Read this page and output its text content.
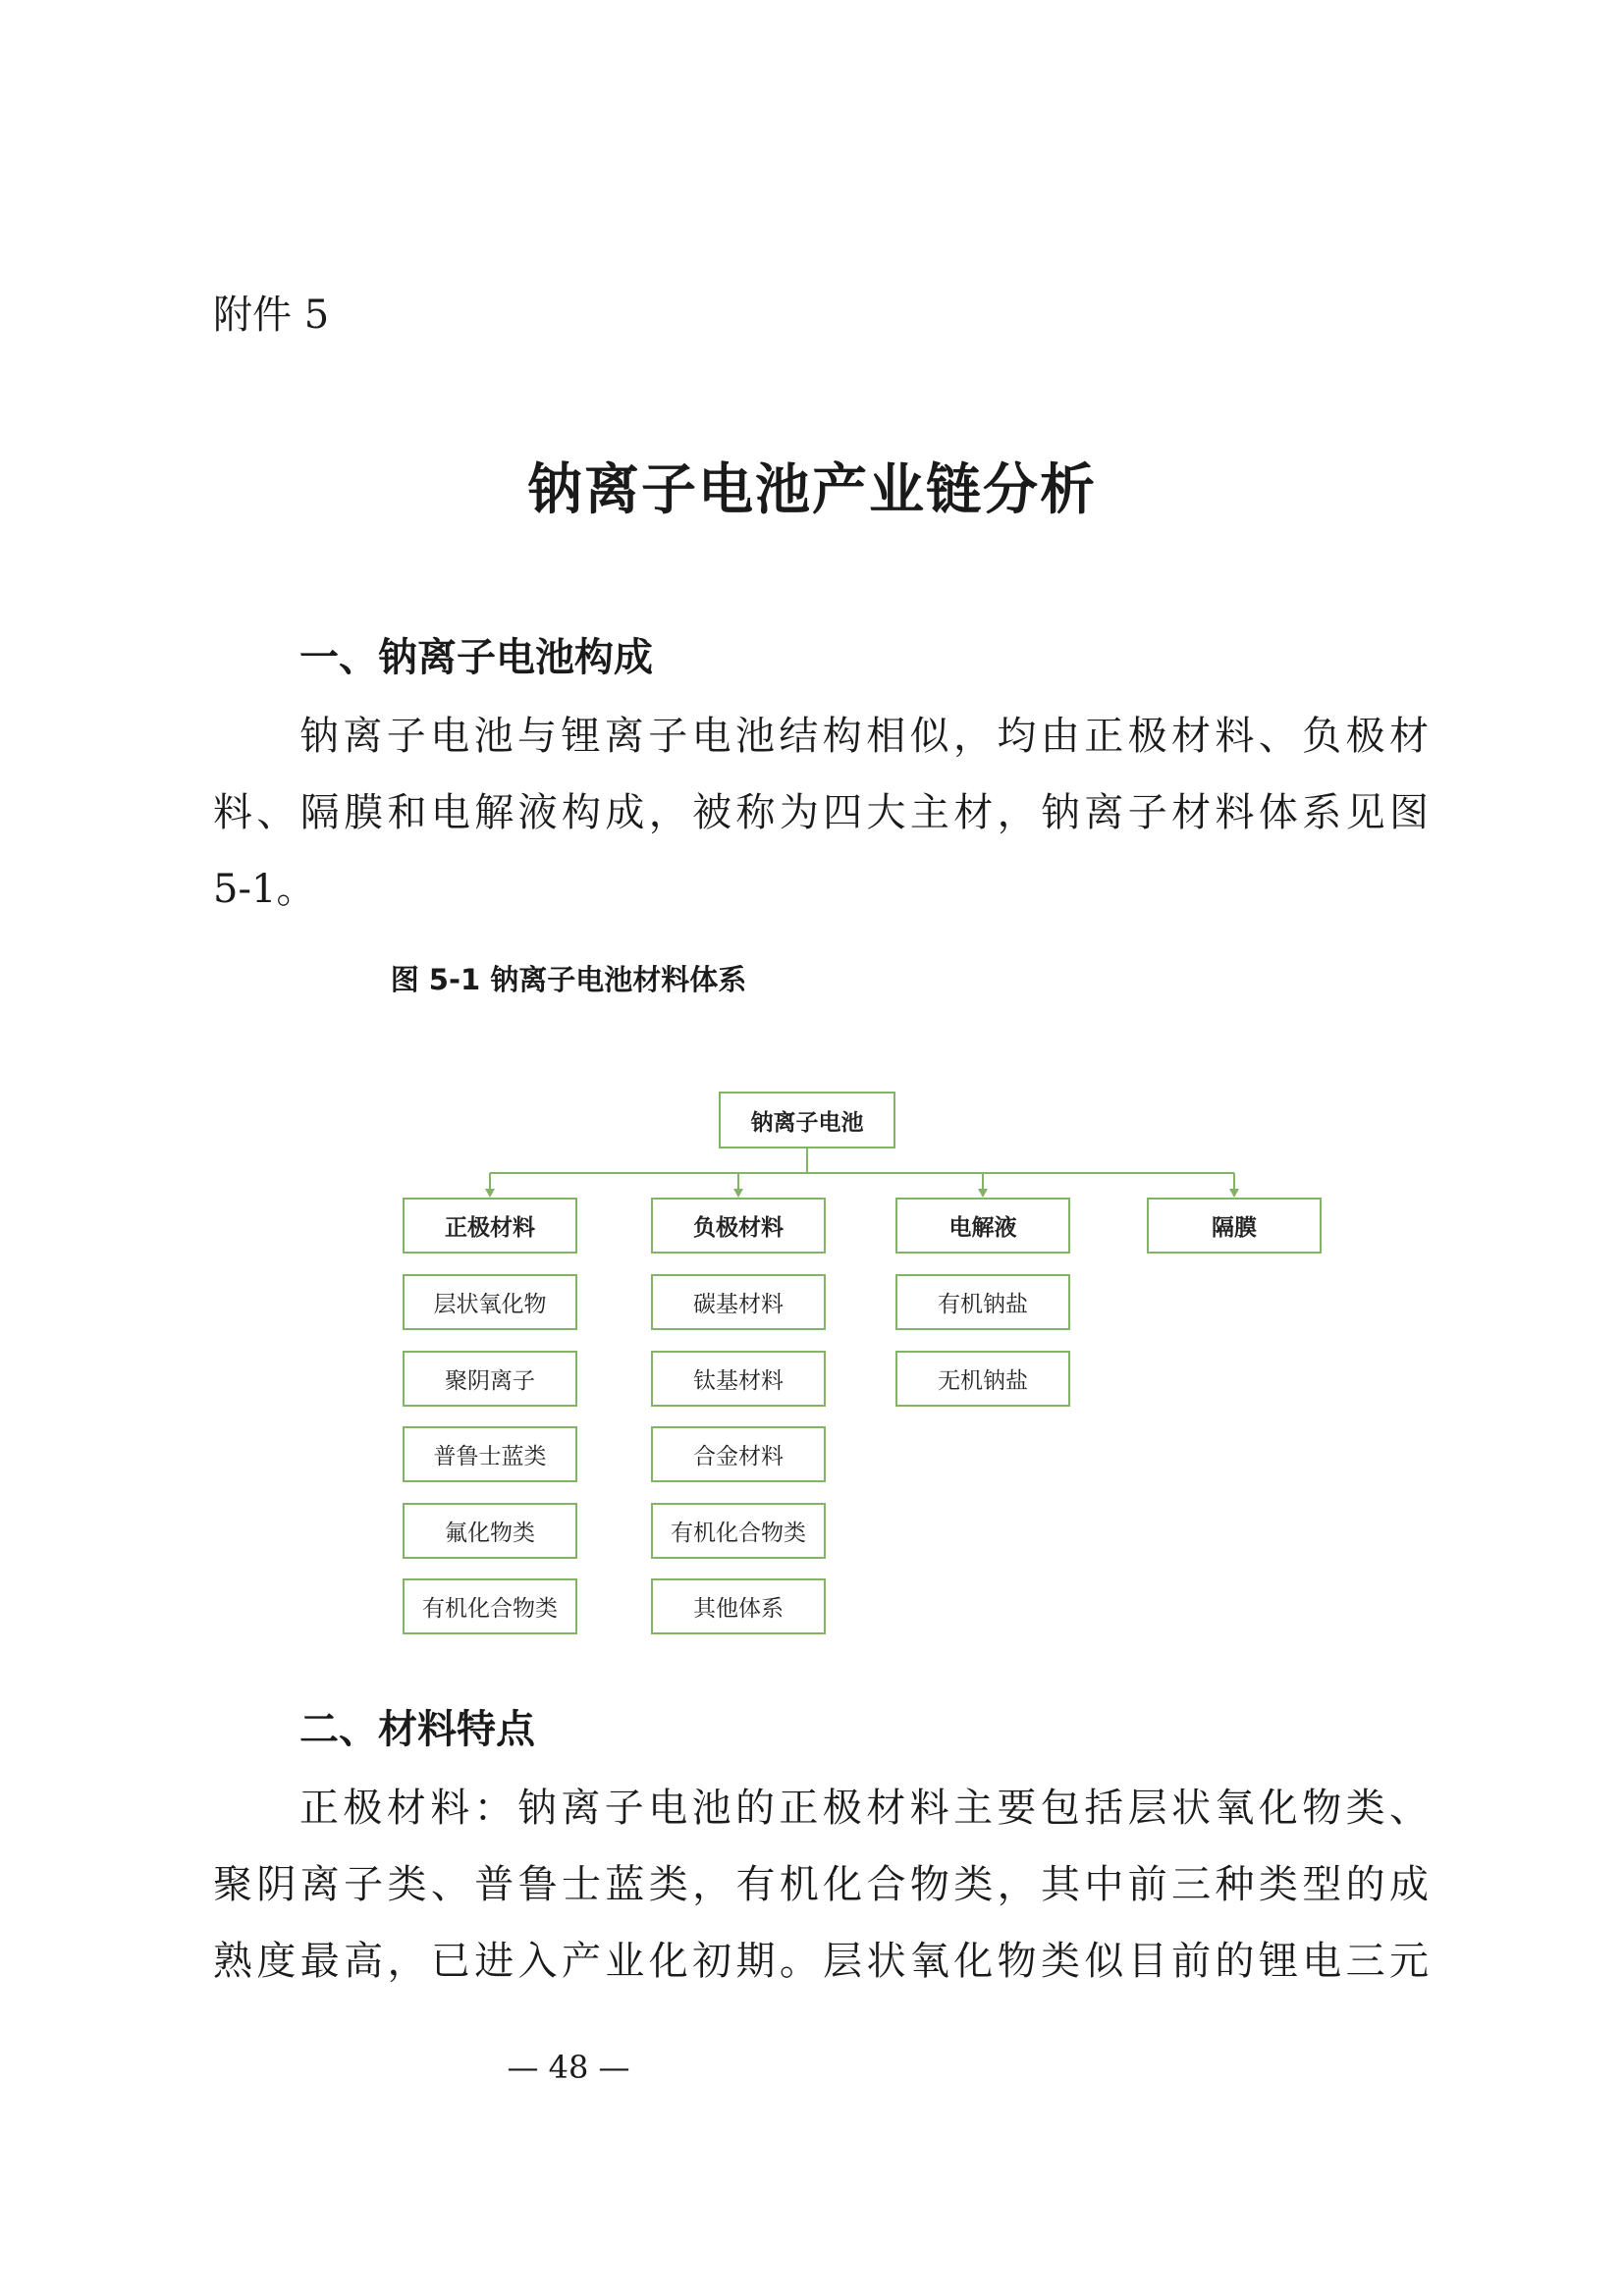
附件 5
钠离子电池产业链分析
一、钠离子电池构成
钠离子电池与锂离子电池结构相似，均由正极材料、负极材
料、隔膜和电解液构成，被称为四大主材，钠离子材料体系见图
5-1。
图 5-1 钠离子电池材料体系
钠离子电池
正极材料
层状氧化物
聚阴离子
普鲁士蓝类
氟化物类
有机化合物类
负极材料
碳基材料
钛基材料
合金材料
有机化合物类
其他体系
电解液
有机钠盐
无机钠盐
隔膜
二、材料特点
正极材料：钠离子电池的正极材料主要包括层状氧化物类、
聚阴离子类、普鲁士蓝类，有机化合物类，其中前三种类型的成
熟度最高，已进入产业化初期。层状氧化物类似目前的锂电三元
— 48 —
